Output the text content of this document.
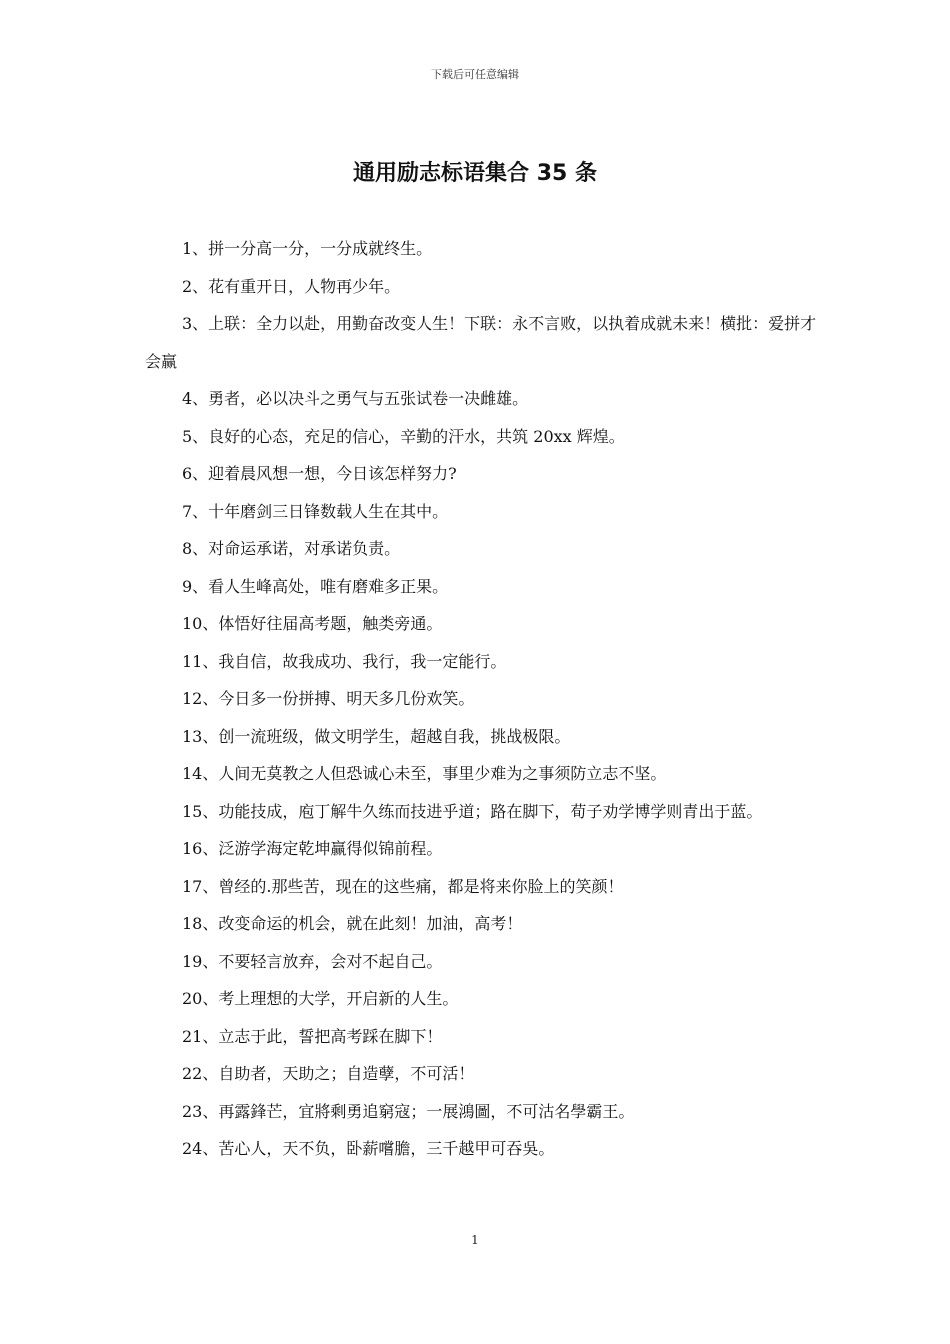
下载后可任意编辑
通用励志标语集合 35 条

1、拼一分高一分，一分成就终生。

2、花有重开日，人物再少年。

3、上联：全力以赴，用勤奋改变人生！下联：永不言败，以执着成就未来！横批：爱拼才会赢

4、勇者，必以决斗之勇气与五张试卷一决雌雄。

5、良好的心态，充足的信心，辛勤的汗水，共筑 20xx 辉煌。

6、迎着晨风想一想，今日该怎样努力?

7、十年磨剑三日锋数载人生在其中。

8、对命运承诺，对承诺负责。

9、看人生峰高处，唯有磨难多正果。

10、体悟好往届高考题，触类旁通。

11、我自信，故我成功、我行，我一定能行。

12、今日多一份拼搏、明天多几份欢笑。

13、创一流班级，做文明学生，超越自我，挑战极限。

14、人间无莫教之人但恐诚心未至，事里少难为之事须防立志不坚。

15、功能技成，庖丁解牛久练而技进乎道；路在脚下，荀子劝学博学则青出于蓝。

16、泛游学海定乾坤赢得似锦前程。

17、曾经的.那些苦，现在的这些痛，都是将来你脸上的笑颜！

18、改变命运的机会，就在此刻！加油，高考！

19、不要轻言放弃，会对不起自己。

20、考上理想的大学，开启新的人生。

21、立志于此，誓把高考踩在脚下！

22、自助者，天助之；自造孽，不可活！

23、再露鋒芒，宜將剩勇追窮寇；一展鴻圖，不可沽名學霸王。

24、苦心人，天不负，卧薪嚐膽，三千越甲可吞吳。

1
